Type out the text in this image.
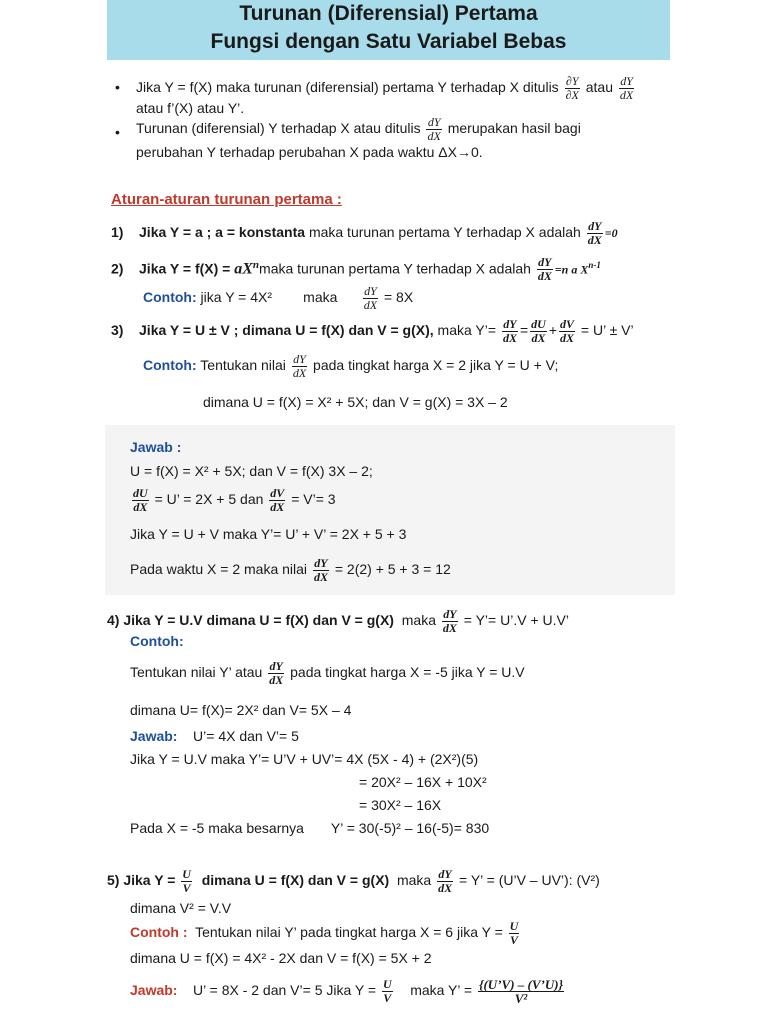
Turunan (Diferensial) Pertama
Fungsi dengan Satu Variabel Bebas
• Jika Y = f(X) maka turunan (diferensial) pertama Y terhadap X ditulis $\frac{\partial Y}{\partial X}$ atau $\frac{dY}{dX}$
atau f’(X) atau Y’.
• Turunan (diferensial) Y terhadap X atau ditulis $\frac{dY}{dX}$ merupakan hasil bagi
perubahan Y terhadap perubahan X pada waktu ΔX→0.
Aturan-aturan turunan pertama :
1) Jika Y = a ; a = konstanta maka turunan pertama Y terhadap X adalah $\frac{dY}{dX} =0$
2) Jika $Y = f(X) = aX^nmaka$ turunan pertama Y terhadap X adalah $\frac{dY}{dX} =n$ a $X^{n-1}$
Contoh: jika Y = 4X² maka $\frac{dY}{dX} = 8X$
3) Jika Y = U ± V ; dimana U = f(X) dan V = g(X), maka Y’= $\frac{dY}{dX} = \frac{dU}{dX} + \frac{dV}{dX} = U$’ ± V’
Contoh: Tentukan nilai $\frac{dY}{dX}$ pada tingkat harga X = 2 jika Y = U + V;
dimana U = f(X) = X² + 5X; dan V = g(X) = 3X – 2
Jawab :
U = f(X) = X² + 5X; dan V = f(X) 3X – 2;
$\frac{dU}{dX} = U$’ = 2X + 5 dan $\frac{dV}{dX}$ = V’= 3
Jika Y = U + V maka Y’= U’ + V’ = 2X + 5 + 3
Pada waktu X = 2 maka nilai $\frac{dY}{dX} = 2(2) + 5 + 3 = 12$
4) Jika Y = U.V dimana U = f(X) dan V = g(X) maka $\frac{dY}{dX}$ = Y’= U’.V + U.V’
Contoh:
Tentukan nilai Y’ atau $\frac{dY}{dX}$ pada tingkat harga X = -5 jika Y = U.V
dimana U= f(X)= 2X² dan V= 5X – 4
Jawab: U’= 4X dan V’= 5
Jika Y = U.V maka Y’= U’V + UV’= 4X (5X - 4) + (2X²)(5)
= 20X² – 16X + 10X²
= 30X² – 16X
Pada X = -5 maka besarnya Y’ = 30(-5)² – 16(-5)= 830
5) Jika $Y = \frac{U}{V}$ dimana U = f(X) dan V = g(X) maka $\frac{dY}{dX} = Y$’ = (U’V – UV’): (V²)
dimana V² = V.V
Contoh : Tentukan nilai Y’ pada tingkat harga X = 6 jika $Y = \frac{U}{V}$
dimana U = f(X) = 4X² - 2X dan V = f(X) = 5X + 2
Jawab: U’ = 8X - 2 dan V’= 5 Jika $Y = \frac{U}{V}$ maka Y’ = $\frac{\{(U’V) - (V’U)\}}{\text{V²}}$
